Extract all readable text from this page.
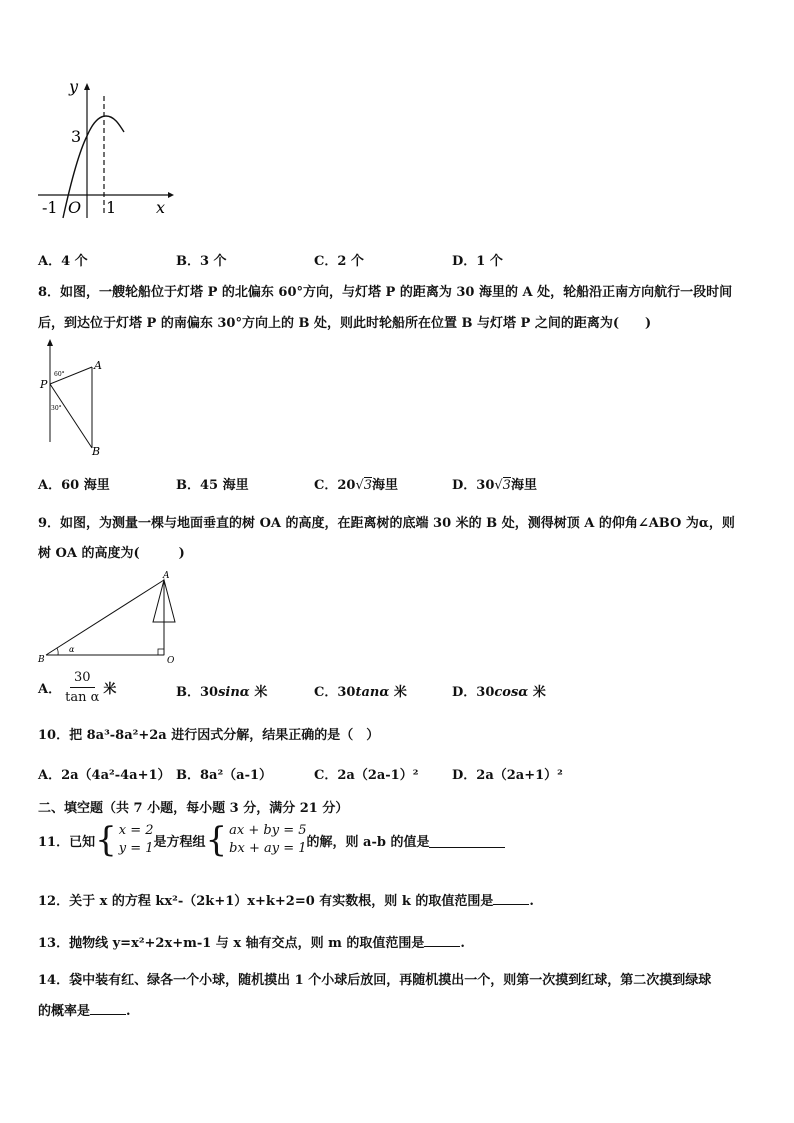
y
x
3
-1 O 1
A．4 个	B．3 个	C．2 个	D．1 个
8．如图，一艘轮船位于灯塔 P 的北偏东 60°方向，与灯塔 P 的距离为 30 海里的 A 处，轮船沿正南方向航行一段时间
后，到达位于灯塔 P 的南偏东 30°方向上的 B 处，则此时轮船所在位置 B 与灯塔 P 之间的距离为(　　)
P
A
B
60°
30°
A．60 海里	B．45 海里	C．20√3海里	D．30√3海里
9．如图，为测量一棵与地面垂直的树 OA 的高度，在距离树的底端 30 米的 B 处，测得树顶 A 的仰角∠ABO 为α，则
树 OA 的高度为(　　　)
A
B	O
α
A． $\frac{30}{\text{tan α}}$ 米	B．30sinα 米	C．30tanα 米	D．30cosα 米
10．把 8a³-8a²+2a 进行因式分解，结果正确的是（　）
A．2a（4a²-4a+1） B．8a²（a-1）	C．2a（2a-1）²	D．2a（2a+1）²
二、填空题（共 7 小题，每小题 3 分，满分 21 分）
11．已知 { x = 2
y = 1 是方程组 { ax + by = 5
bx + ay = 1 的解，则 a-b 的值是
12．关于 x 的方程 kx²-（2k+1）x+k+2=0 有实数根，则 k 的取值范围是	.
13．抛物线 y=x²+2x+m-1 与 x 轴有交点，则 m 的取值范围是	.
14．袋中装有红、绿各一个小球，随机摸出 1 个小球后放回，再随机摸出一个，则第一次摸到红球，第二次摸到绿球
的概率是	.
